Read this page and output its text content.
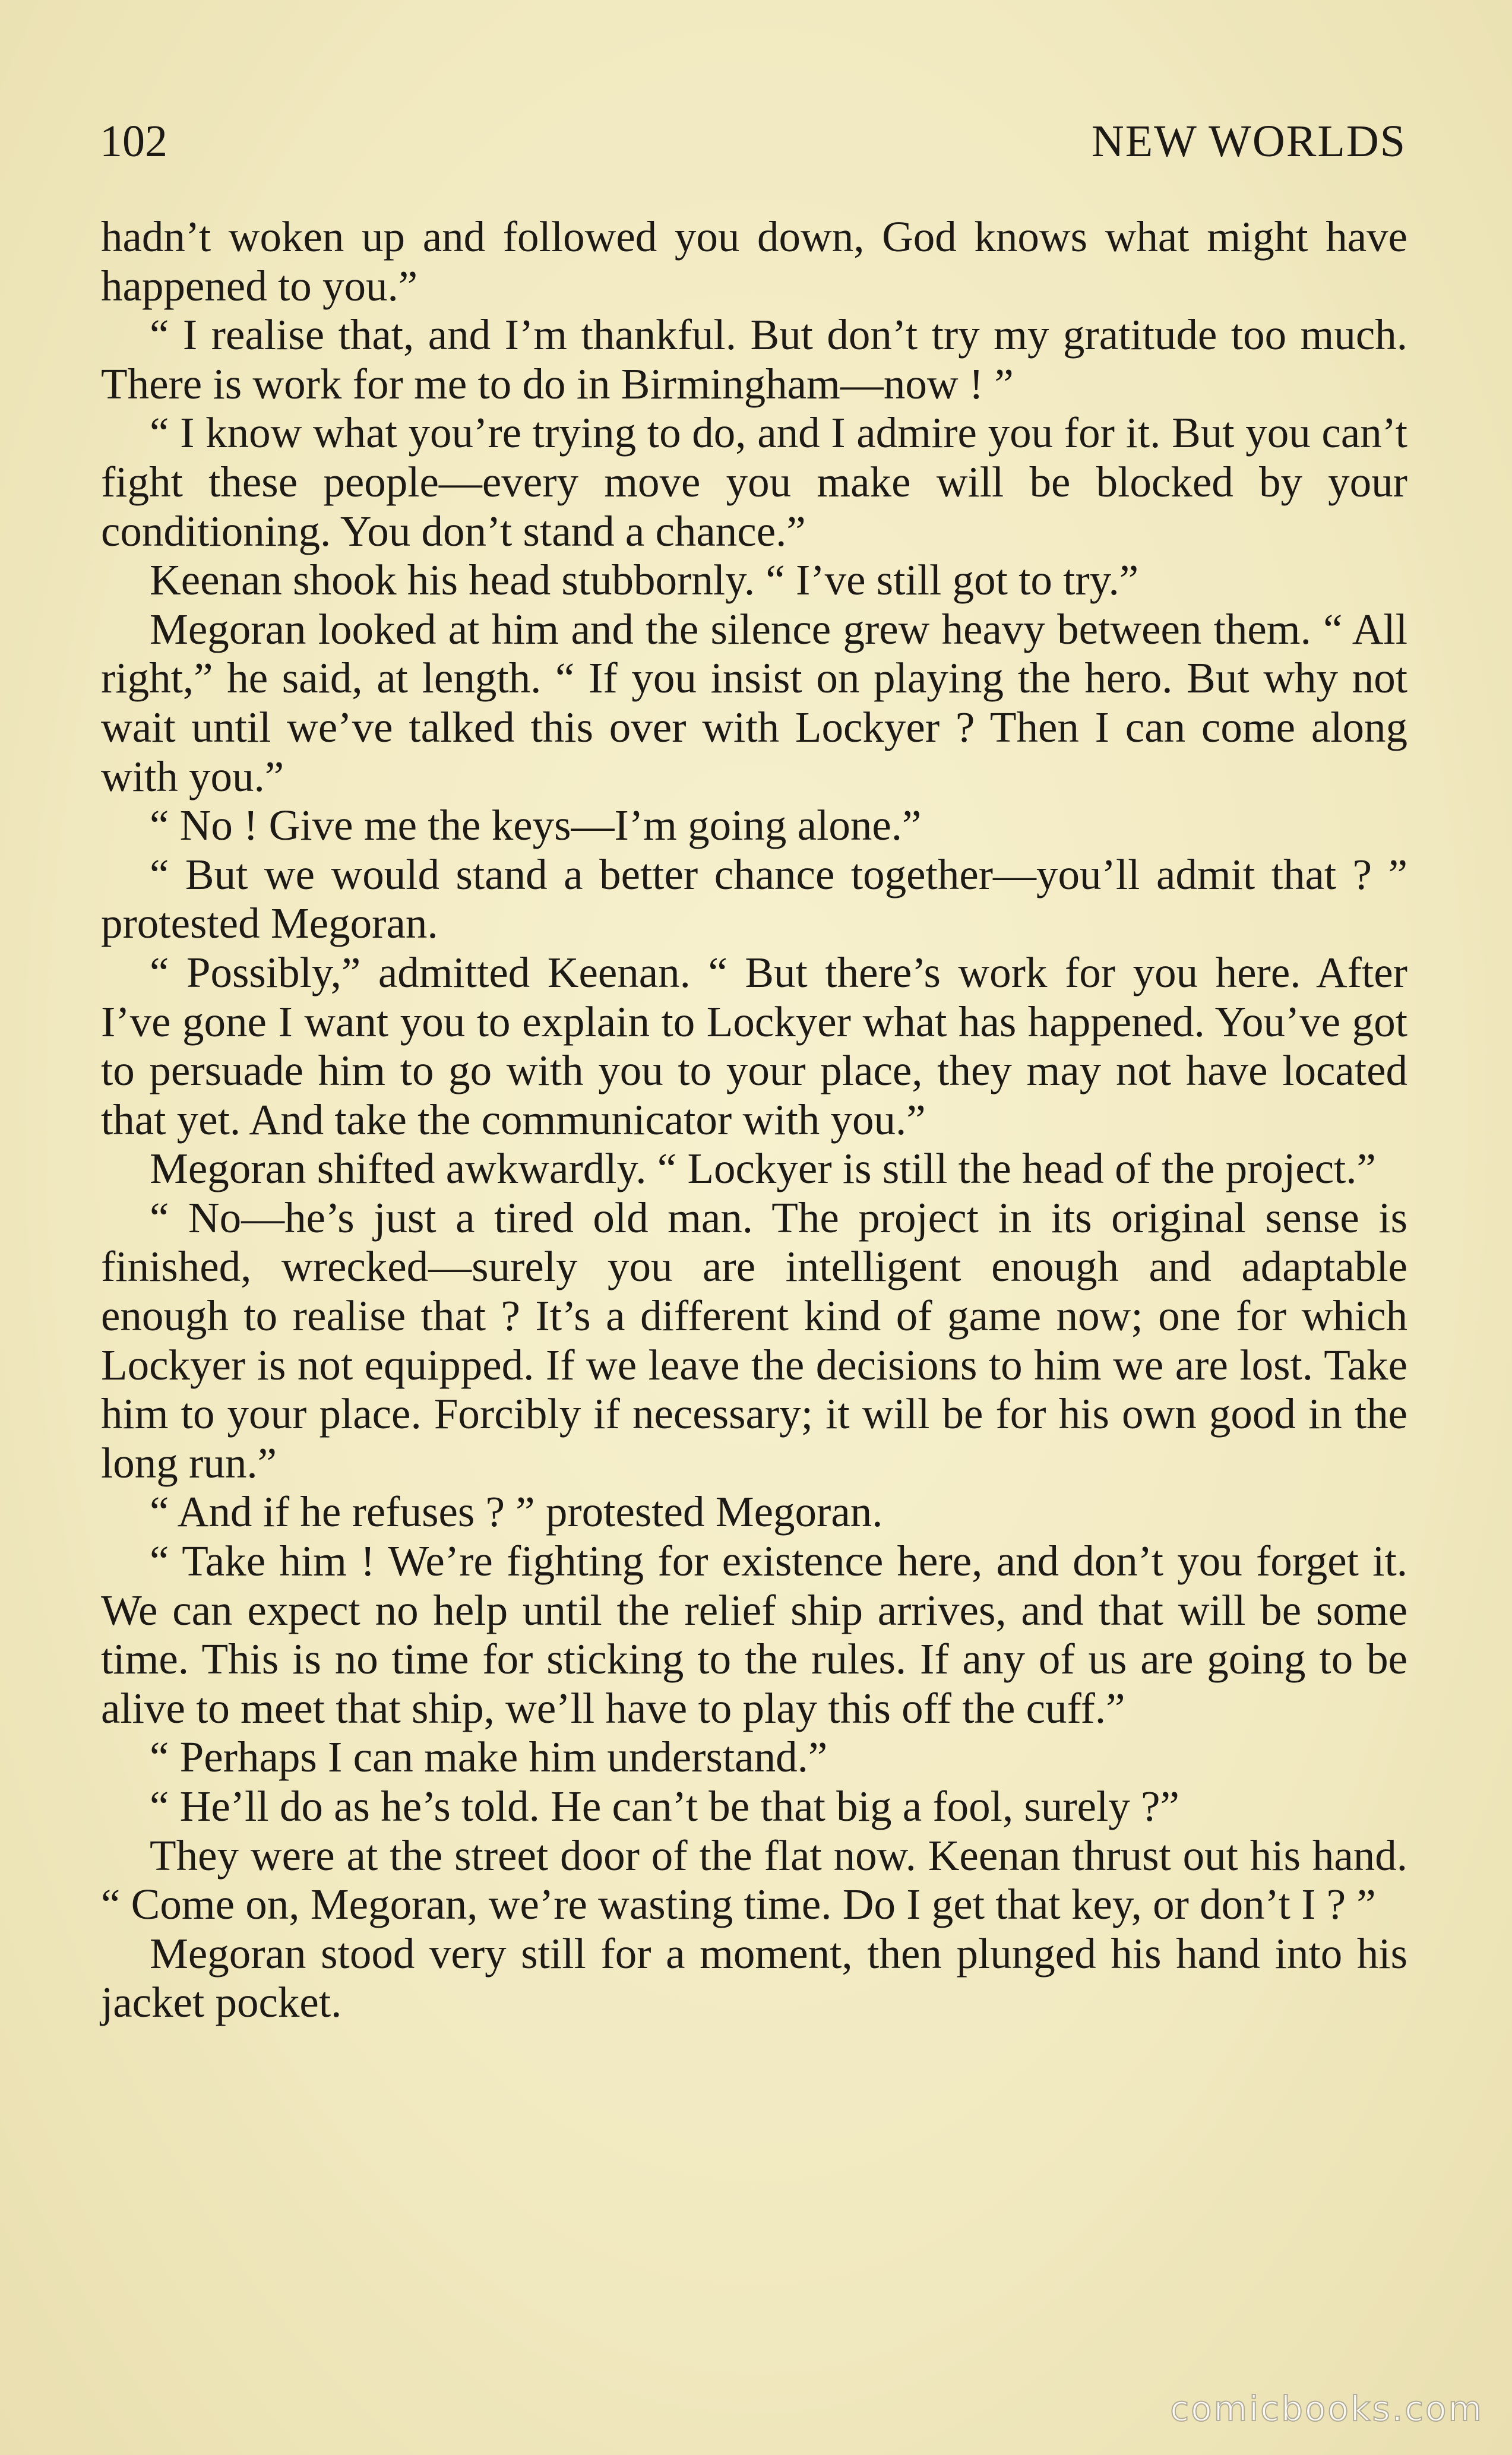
102	NEW WORLDS

hadn’t woken up and followed you down, God knows what might have happened to you.”

“ I realise that, and I’m thankful. But don’t try my gratitude too much. There is work for me to do in Birmingham—now ! ”

“ I know what you’re trying to do, and I admire you for it. But you can’t fight these people—every move you make will be blocked by your conditioning. You don’t stand a chance.”

Keenan shook his head stubbornly. “ I’ve still got to try.”

Megoran looked at him and the silence grew heavy between them. “ All right,” he said, at length. “ If you insist on playing the hero. But why not wait until we’ve talked this over with Lockyer ? Then I can come along with you.”

“ No ! Give me the keys—I’m going alone.”

“ But we would stand a better chance together—you’ll admit that ? ” protested Megoran.

“ Possibly,” admitted Keenan. “ But there’s work for you here. After I’ve gone I want you to explain to Lockyer what has happened. You’ve got to persuade him to go with you to your place, they may not have located that yet. And take the communicator with you.”

Megoran shifted awkwardly. “ Lockyer is still the head of the project.”

“ No—he’s just a tired old man. The project in its original sense is finished, wrecked—surely you are intelligent enough and adaptable enough to realise that ? It’s a different kind of game now; one for which Lockyer is not equipped. If we leave the decisions to him we are lost. Take him to your place. Forcibly if necessary; it will be for his own good in the long run.”

“ And if he refuses ? ” protested Megoran.

“ Take him ! We’re fighting for existence here, and don’t you forget it. We can expect no help until the relief ship arrives, and that will be some time. This is no time for sticking to the rules. If any of us are going to be alive to meet that ship, we’ll have to play this off the cuff.”

“ Perhaps I can make him understand.”

“ He’ll do as he’s told. He can’t be that big a fool, surely ?”

They were at the street door of the flat now. Keenan thrust out his hand. “ Come on, Megoran, we’re wasting time. Do I get that key, or don’t I ? ”

Megoran stood very still for a moment, then plunged his hand into his jacket pocket.

comicbooks.com
